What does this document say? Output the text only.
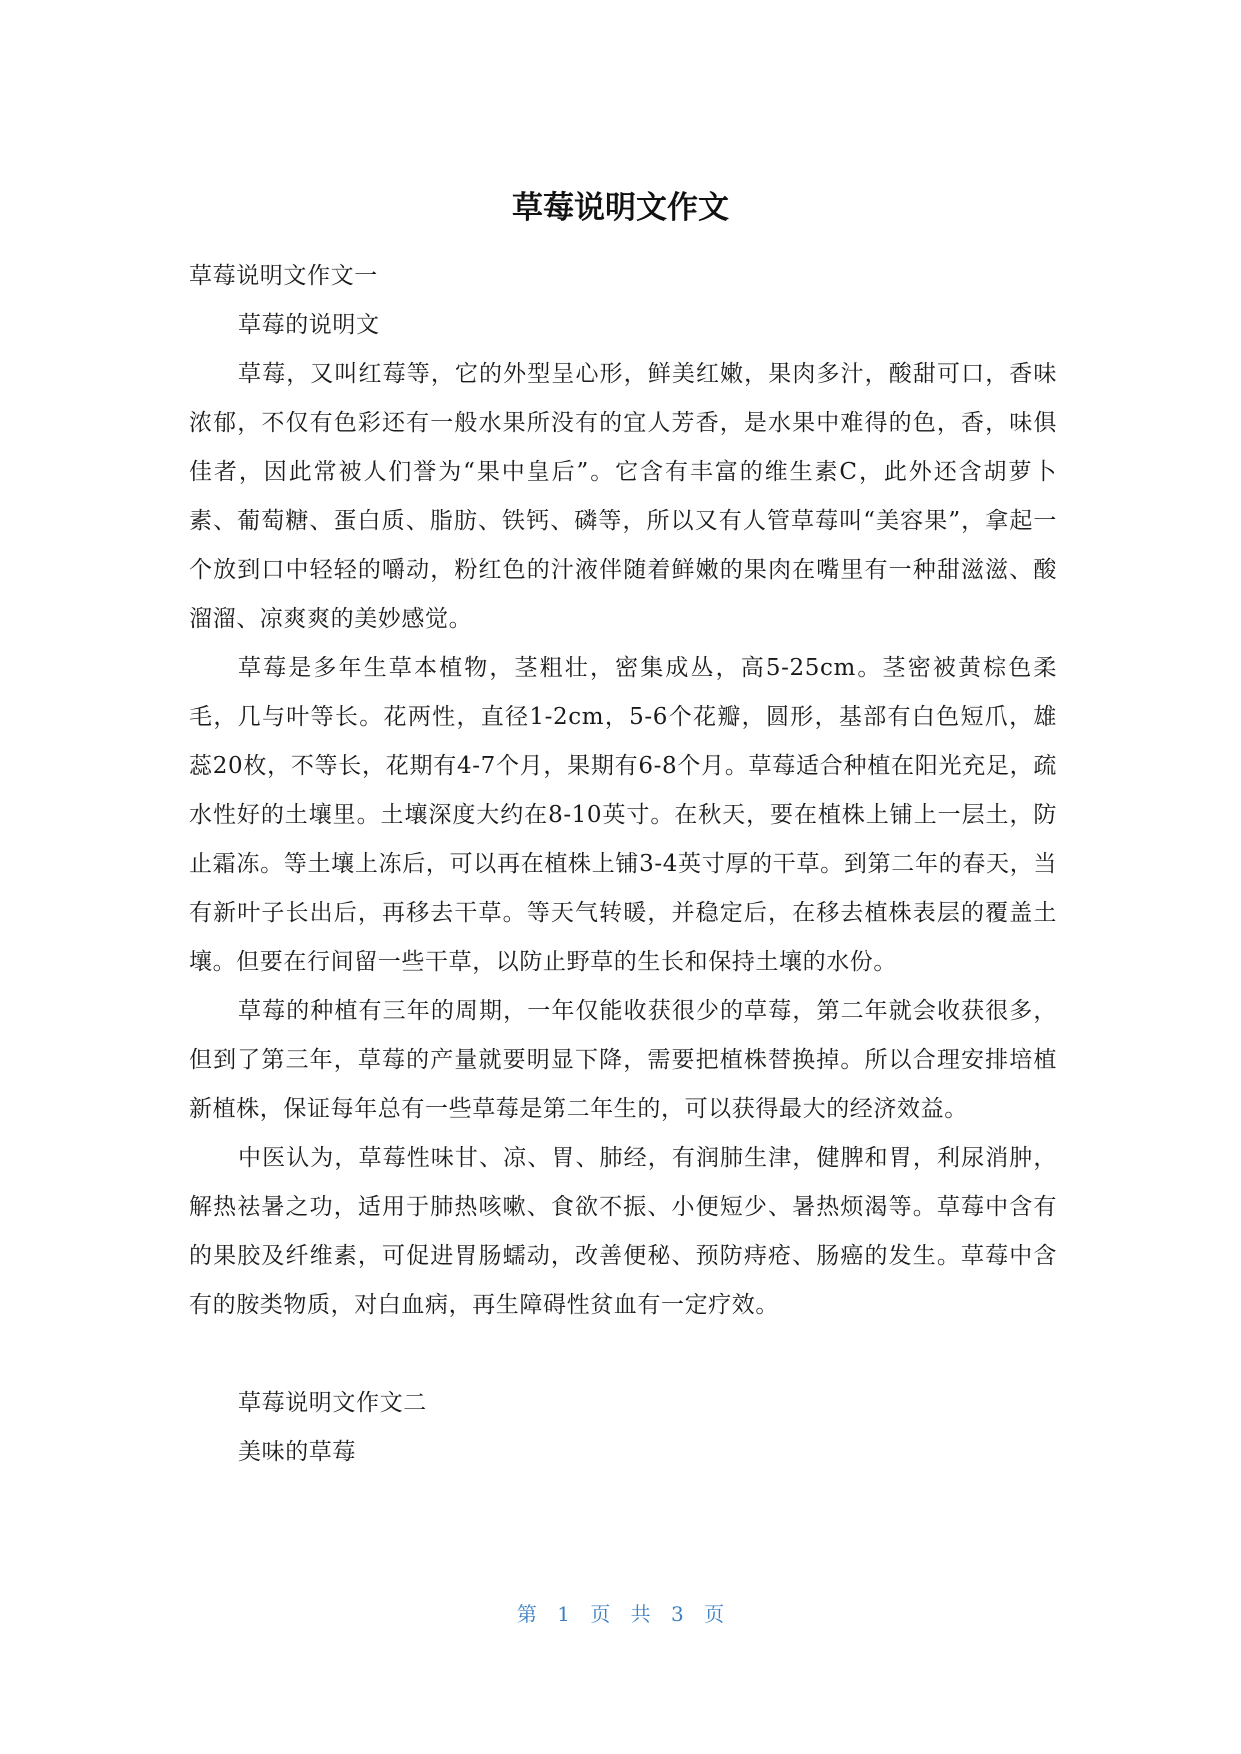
草莓说明文作文

草莓说明文作文一

草莓的说明文

草莓，又叫红莓等，它的外型呈心形，鲜美红嫩，果肉多汁，酸甜可口，香味浓郁，不仅有色彩还有一般水果所没有的宜人芳香，是水果中难得的色，香，味俱佳者，因此常被人们誉为“果中皇后”。它含有丰富的维生素C，此外还含胡萝卜素、葡萄糖、蛋白质、脂肪、铁钙、磷等，所以又有人管草莓叫“美容果”，拿起一个放到口中轻轻的嚼动，粉红色的汁液伴随着鲜嫩的果肉在嘴里有一种甜滋滋、酸溜溜、凉爽爽的美妙感觉。

草莓是多年生草本植物，茎粗壮，密集成丛，高5-25cm。茎密被黄棕色柔毛，几与叶等长。花两性，直径1-2cm，5-6个花瓣，圆形，基部有白色短爪，雄蕊20枚，不等长，花期有4-7个月，果期有6-8个月。草莓适合种植在阳光充足，疏水性好的土壤里。土壤深度大约在8-10英寸。在秋天，要在植株上铺上一层土，防止霜冻。等土壤上冻后，可以再在植株上铺3-4英寸厚的干草。到第二年的春天，当有新叶子长出后，再移去干草。等天气转暖，并稳定后，在移去植株表层的覆盖土壤。但要在行间留一些干草，以防止野草的生长和保持土壤的水份。

草莓的种植有三年的周期，一年仅能收获很少的草莓，第二年就会收获很多，但到了第三年，草莓的产量就要明显下降，需要把植株替换掉。所以合理安排培植新植株，保证每年总有一些草莓是第二年生的，可以获得最大的经济效益。

中医认为，草莓性味甘、凉、胃、肺经，有润肺生津，健脾和胃，利尿消肿，解热祛暑之功，适用于肺热咳嗽、食欲不振、小便短少、暑热烦渴等。草莓中含有的果胶及纤维素，可促进胃肠蠕动，改善便秘、预防痔疮、肠癌的发生。草莓中含有的胺类物质，对白血病，再生障碍性贫血有一定疗效。

草莓说明文作文二

美味的草莓

第 1 页 共 3 页
